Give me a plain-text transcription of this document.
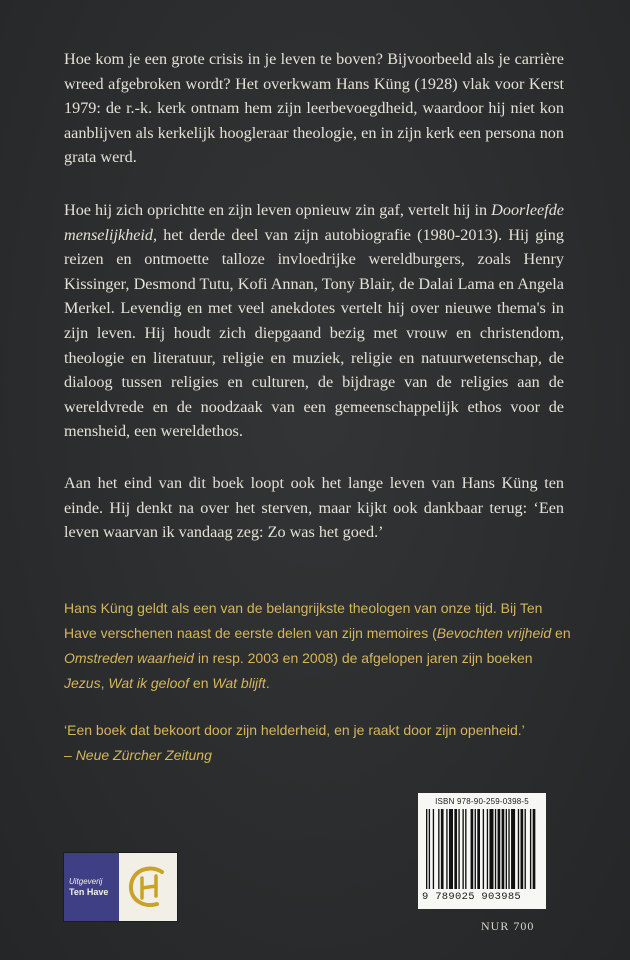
Hoe kom je een grote crisis in je leven te boven? Bijvoorbeeld als je carrière wreed afgebroken wordt? Het overkwam Hans Küng (1928) vlak voor Kerst 1979: de r.-k. kerk ontnam hem zijn leerbevoegdheid, waardoor hij niet kon aanblijven als kerkelijk hoogleraar theologie, en in zijn kerk een persona non grata werd.

Hoe hij zich oprichtte en zijn leven opnieuw zin gaf, vertelt hij in Doorleefde menselijkheid, het derde deel van zijn autobiografie (1980-2013). Hij ging reizen en ontmoette talloze invloedrijke wereldburgers, zoals Henry Kissinger, Desmond Tutu, Kofi Annan, Tony Blair, de Dalai Lama en Angela Merkel. Levendig en met veel anekdotes vertelt hij over nieuwe thema's in zijn leven. Hij houdt zich diepgaand bezig met vrouw en christendom, theologie en literatuur, religie en muziek, religie en natuurwetenschap, de dialoog tussen religies en culturen, de bijdrage van de religies aan de wereldvrede en de noodzaak van een gemeenschappelijk ethos voor de mensheid, een wereldethos.

Aan het eind van dit boek loopt ook het lange leven van Hans Küng ten einde. Hij denkt na over het sterven, maar kijkt ook dankbaar terug: ‘Een leven waarvan ik vandaag zeg: Zo was het goed.’

Hans Küng geldt als een van de belangrijkste theologen van onze tijd. Bij Ten Have verschenen naast de eerste delen van zijn memoires (Bevochten vrijheid en Omstreden waarheid in resp. 2003 en 2008) de afgelopen jaren zijn boeken Jezus, Wat ik geloof en Wat blijft.

‘Een boek dat bekoort door zijn helderheid, en je raakt door zijn openheid.’

– Neue Zürcher Zeitung

Uitgeverij
Ten Have
ISBN 978-90-259-0398-5
9 789025 903985
NUR 700
